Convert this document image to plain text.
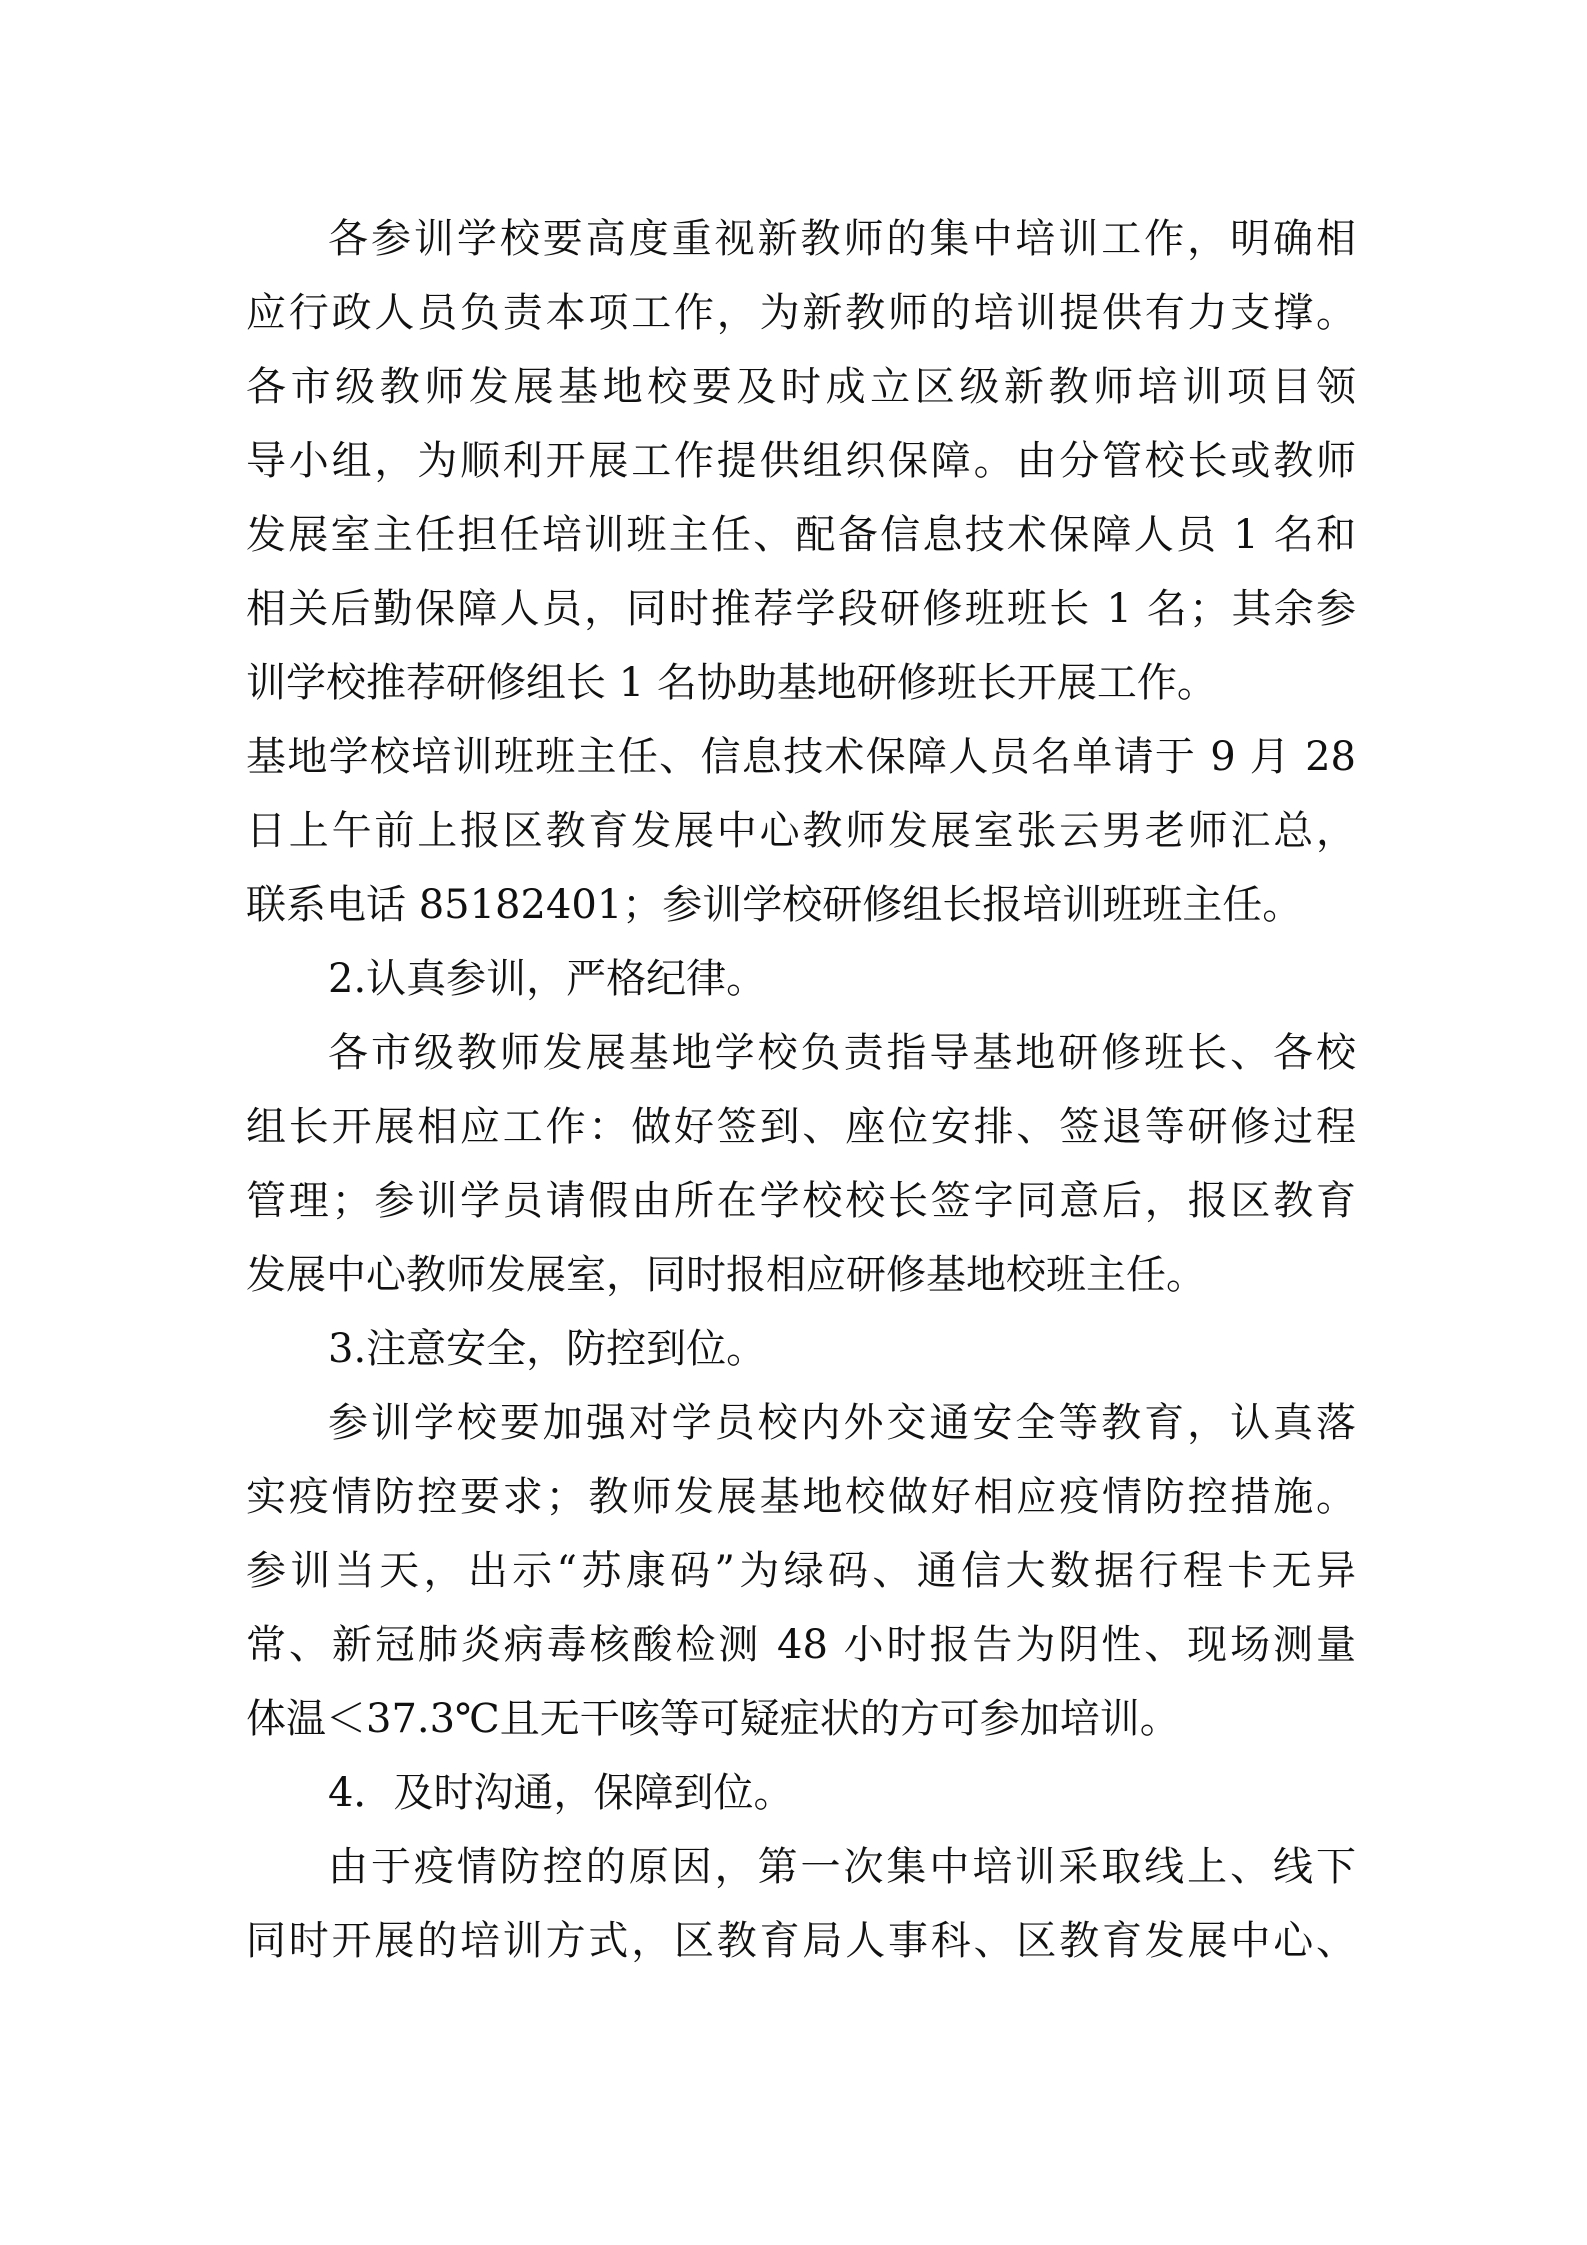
各参训学校要高度重视新教师的集中培训工作，明确相
应行政人员负责本项工作，为新教师的培训提供有力支撑。
各市级教师发展基地校要及时成立区级新教师培训项目领
导小组，为顺利开展工作提供组织保障。由分管校长或教师
发展室主任担任培训班主任、配备信息技术保障人员 1 名和
相关后勤保障人员，同时推荐学段研修班班长 1 名；其余参
训学校推荐研修组长 1 名协助基地研修班长开展工作。
基地学校培训班班主任、信息技术保障人员名单请于 9 月 28
日上午前上报区教育发展中心教师发展室张云男老师汇总，
联系电话 85182401；参训学校研修组长报培训班班主任。
2.认真参训，严格纪律。
各市级教师发展基地学校负责指导基地研修班长、各校
组长开展相应工作：做好签到、座位安排、签退等研修过程
管理；参训学员请假由所在学校校长签字同意后，报区教育
发展中心教师发展室，同时报相应研修基地校班主任。
3.注意安全，防控到位。
参训学校要加强对学员校内外交通安全等教育，认真落
实疫情防控要求；教师发展基地校做好相应疫情防控措施。
参训当天，出示“苏康码”为绿码、通信大数据行程卡无异
常、新冠肺炎病毒核酸检测 48 小时报告为阴性、现场测量
体温＜37.3℃且无干咳等可疑症状的方可参加培训。
4．及时沟通，保障到位。
由于疫情防控的原因，第一次集中培训采取线上、线下
同时开展的培训方式，区教育局人事科、区教育发展中心、
